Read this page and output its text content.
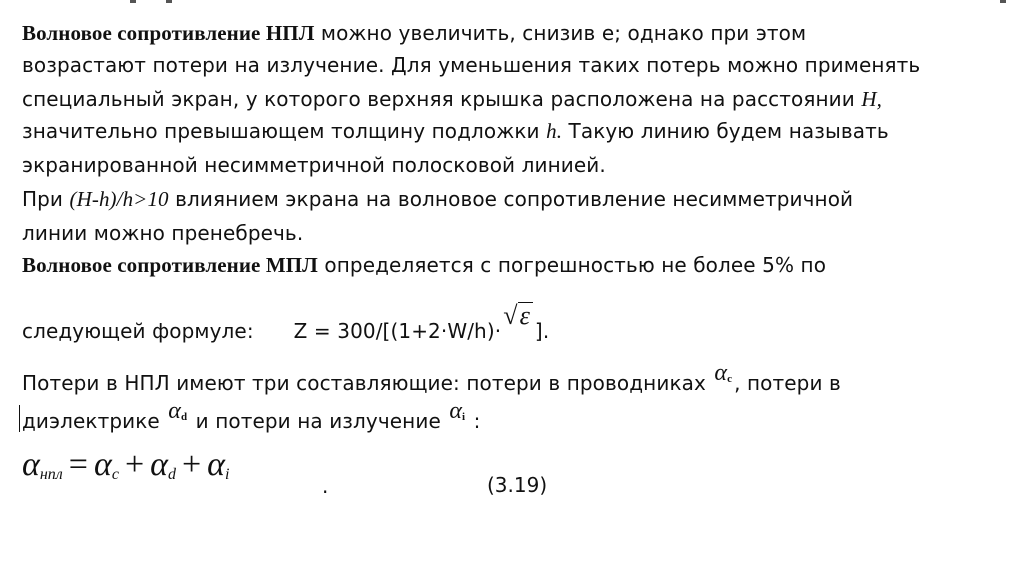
Волновое сопротивление НПЛ можно увеличить, снизив е; однако при этом
возрастают потери на излучение. Для уменьшения таких потерь можно применять
специальный экран, у которого верхняя крышка расположена на расстоянии H,
значительно превышающем толщину подложки h. Такую линию будем называть
экранированной несимметричной полосковой линией.
При (H-h)/h>10 влиянием экрана на волновое сопротивление несимметричной
линии можно пренебречь.
Волновое сопротивление МПЛ определяется с погрешностью не более 5% по
следующей формуле: Z = 300/[(1+2·W/h)·√ε].
Потери в НПЛ имеют три составляющие: потери в проводниках $\alpha_c$ , потери в
диэлектрике $\alpha_d$ и потери на излучение $\alpha_i$ :
$\alpha_{нпл} = \alpha_c + \alpha_d + \alpha_i$	.	(3.19)
